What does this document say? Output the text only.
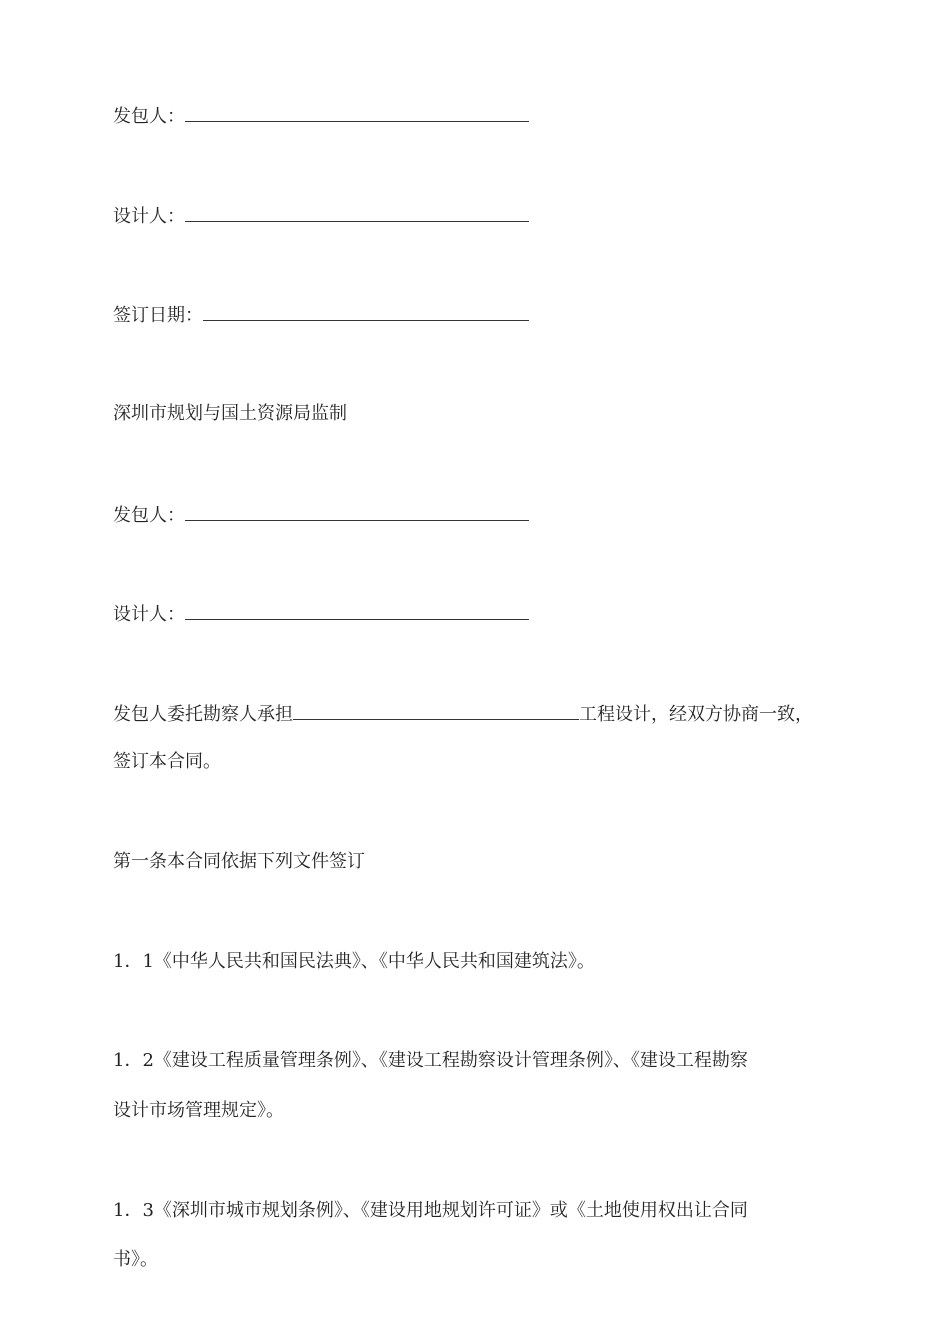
发包人：
设计人：
签订日期：
深圳市规划与国土资源局监制
发包人：
设计人：
发包人委托勘察人承担	工程设计，经双方协商一致，
签订本合同。
第一条本合同依据下列文件签订
1．1《中华人民共和国民法典》、《中华人民共和国建筑法》。
1．2《建设工程质量管理条例》、《建设工程勘察设计管理条例》、《建设工程勘察
设计市场管理规定》。
1．3《深圳市城市规划条例》、《建设用地规划许可证》或《土地使用权出让合同
书》。
